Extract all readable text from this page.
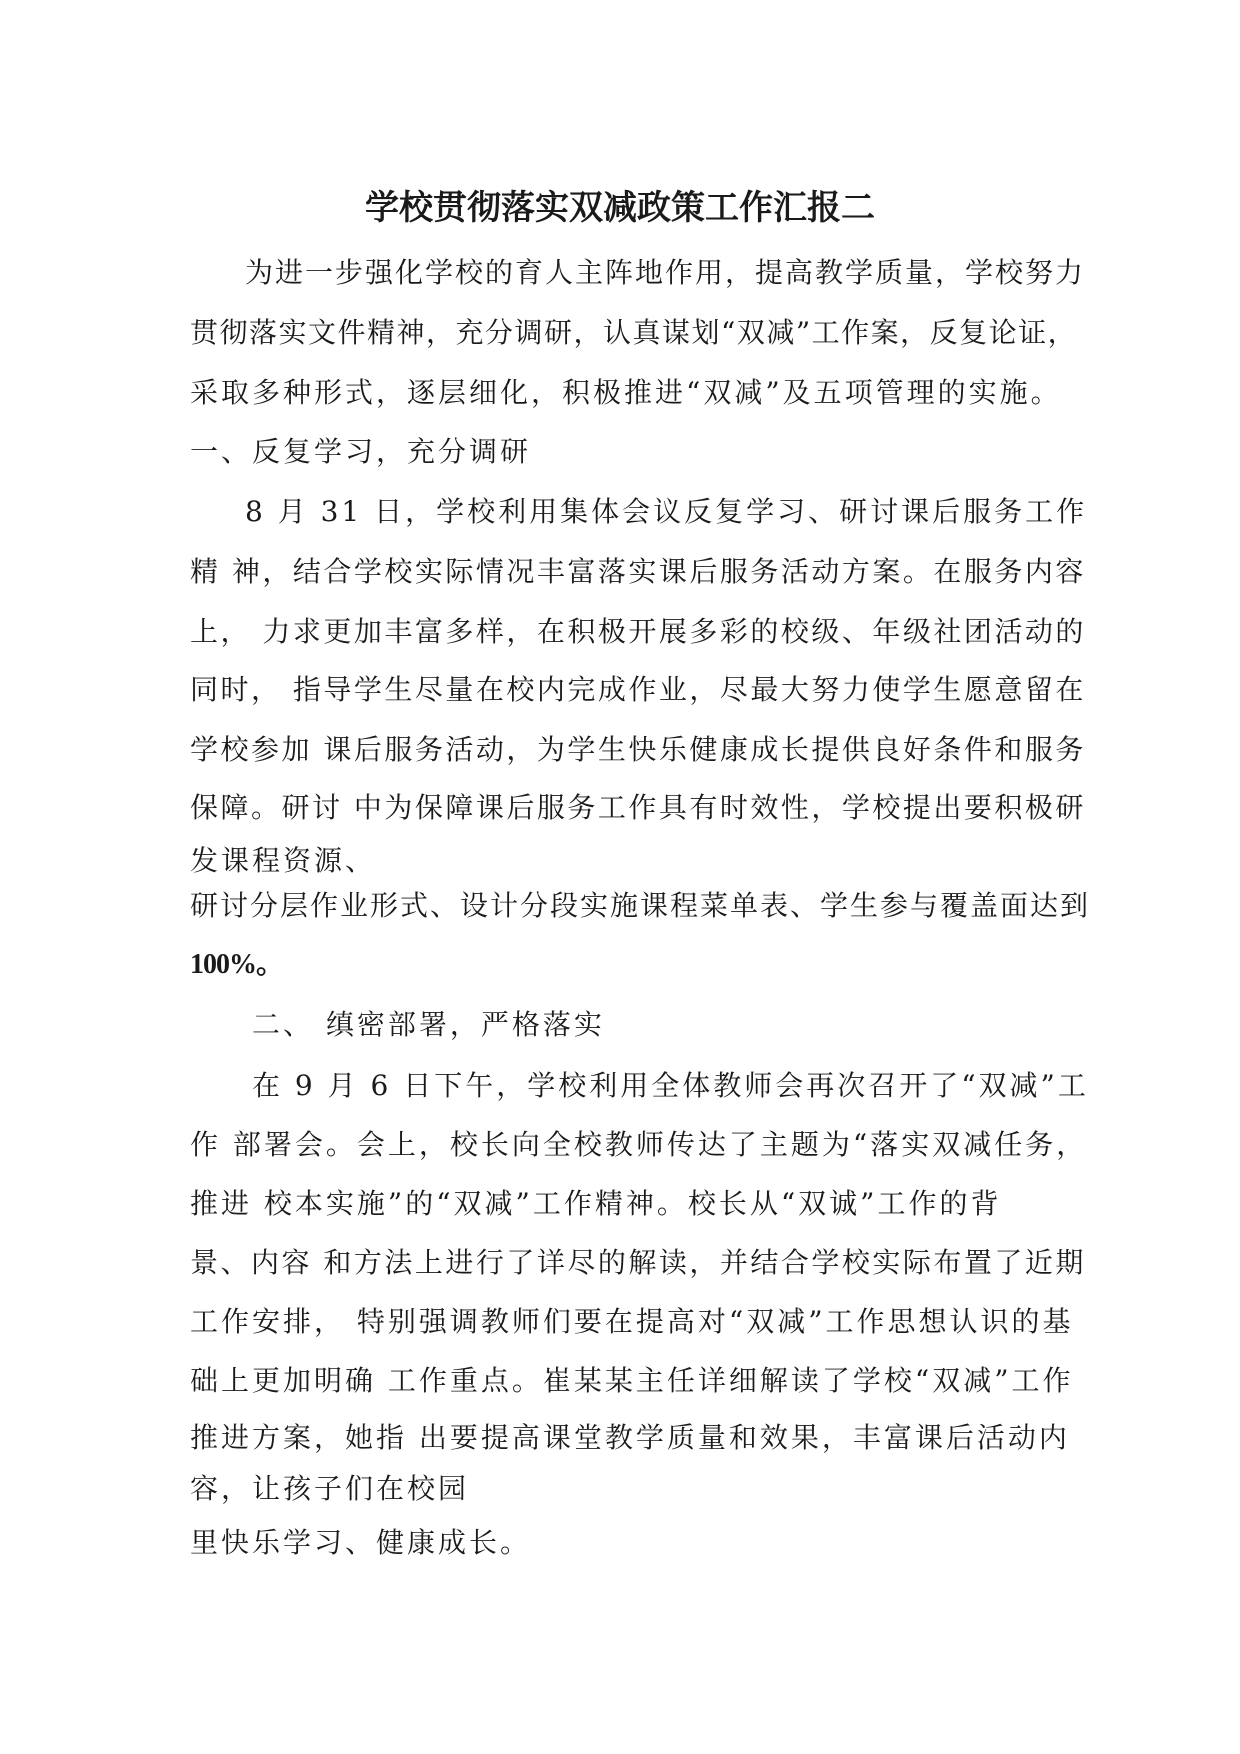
学校贯彻落实双减政策工作汇报二
为进一步强化学校的育人主阵地作用，提高教学质量，学校努力
贯彻落实文件精神，充分调研，认真谋划“双减”工作案，反复论证，
采取多种形式，逐层细化，积极推进“双减”及五项管理的实施。
一、反复学习，充分调研
8 月 31 日，学校利用集体会议反复学习、研讨课后服务工作
精 神，结合学校实际情况丰富落实课后服务活动方案。在服务内容
上， 力求更加丰富多样，在积极开展多彩的校级、年级社团活动的
同时， 指导学生尽量在校内完成作业，尽最大努力使学生愿意留在
学校参加 课后服务活动，为学生快乐健康成长提供良好条件和服务
保障。研讨 中为保障课后服务工作具有时效性，学校提出要积极研
发课程资源、
研讨分层作业形式、设计分段实施课程菜单表、学生参与覆盖面达到
100%。
二、 缜密部署，严格落实
在 9 月 6 日下午，学校利用全体教师会再次召开了“双减”工
作 部署会。会上，校长向全校教师传达了主题为“落实双减任务，
推进 校本实施”的“双减”工作精神。校长从“双诚”工作的背
景、内容 和方法上进行了详尽的解读，并结合学校实际布置了近期
工作安排， 特别强调教师们要在提高对“双减”工作思想认识的基
础上更加明确 工作重点。崔某某主任详细解读了学校“双减”工作
推进方案，她指 出要提高课堂教学质量和效果，丰富课后活动内
容，让孩子们在校园
里快乐学习、健康成长。
